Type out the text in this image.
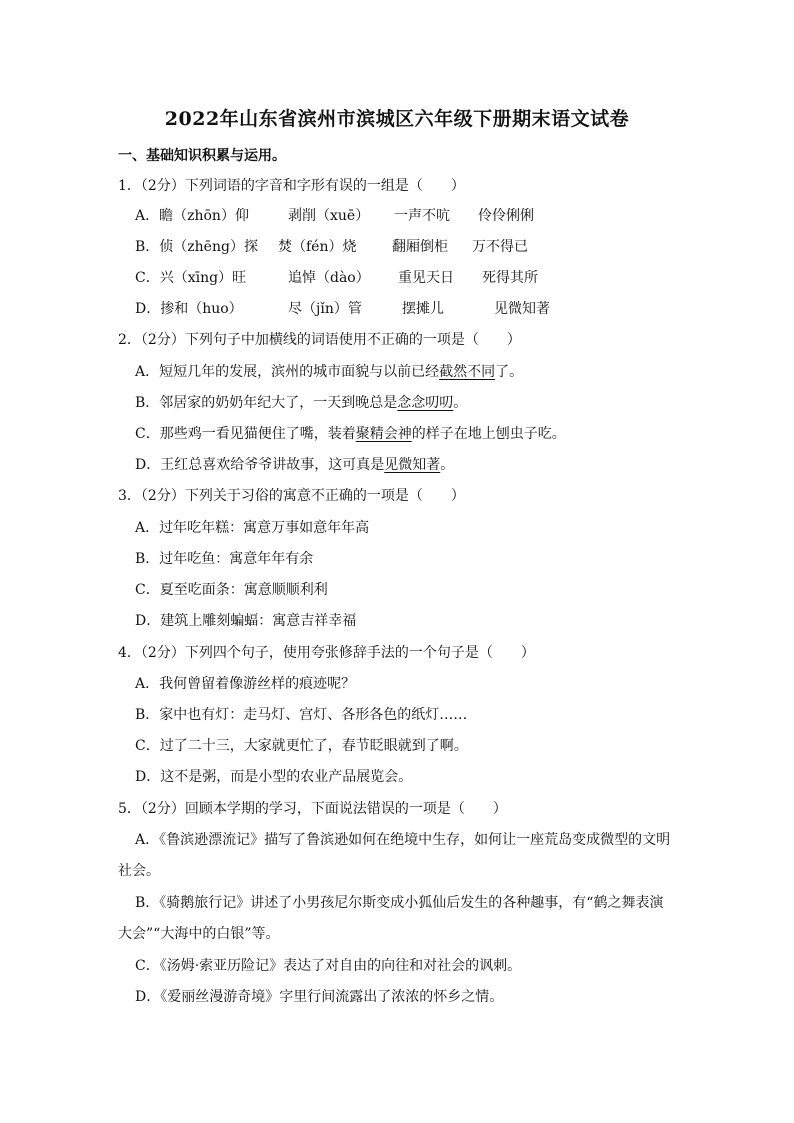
2022年山东省滨州市滨城区六年级下册期末语文试卷
一、基础知识积累与运用。
1．（2分）下列词语的字音和字形有误的一组是（　　）
A．瞻（zhōn）仰	剥削（xuē） 一声不吭 伶伶俐俐
B．侦（zhēng）探 焚（fén）烧	翻厢倒柜 万不得已
C．兴（xīng）旺	追悼（dào） 重见天日 死得其所
D．掺和（huo）	尽（jǐn）管	摆摊儿	见微知著
2．（2分）下列句子中加横线的词语使用不正确的一项是（　　）
A．短短几年的发展，滨州的城市面貌与以前已经截然不同了。
B．邻居家的奶奶年纪大了，一天到晚总是念念叨叨。
C．那些鸡一看见猫便住了嘴，装着聚精会神的样子在地上刨虫子吃。
D．王红总喜欢给爷爷讲故事，这可真是见微知著。
3．（2分）下列关于习俗的寓意不正确的一项是（　　）
A．过年吃年糕：寓意万事如意年年高
B．过年吃鱼：寓意年年有余
C．夏至吃面条：寓意顺顺利利
D．建筑上雕刻蝙蝠：寓意吉祥幸福
4．（2分）下列四个句子，使用夸张修辞手法的一个句子是（　　）
A．我何曾留着像游丝样的痕迹呢？
B．家中也有灯：走马灯、宫灯、各形各色的纸灯……
C．过了二十三，大家就更忙了，春节眨眼就到了啊。
D．这不是粥，而是小型的农业产品展览会。
5．（2分）回顾本学期的学习，下面说法错误的一项是（　　）
A．《鲁滨逊漂流记》描写了鲁滨逊如何在绝境中生存，如何让一座荒岛变成微型的文明
社会。
B．《骑鹅旅行记》讲述了小男孩尼尔斯变成小狐仙后发生的各种趣事，有“鹤之舞表演
大会”“大海中的白银”等。
C．《汤姆·索亚历险记》表达了对自由的向往和对社会的讽刺。
D．《爱丽丝漫游奇境》字里行间流露出了浓浓的怀乡之情。
